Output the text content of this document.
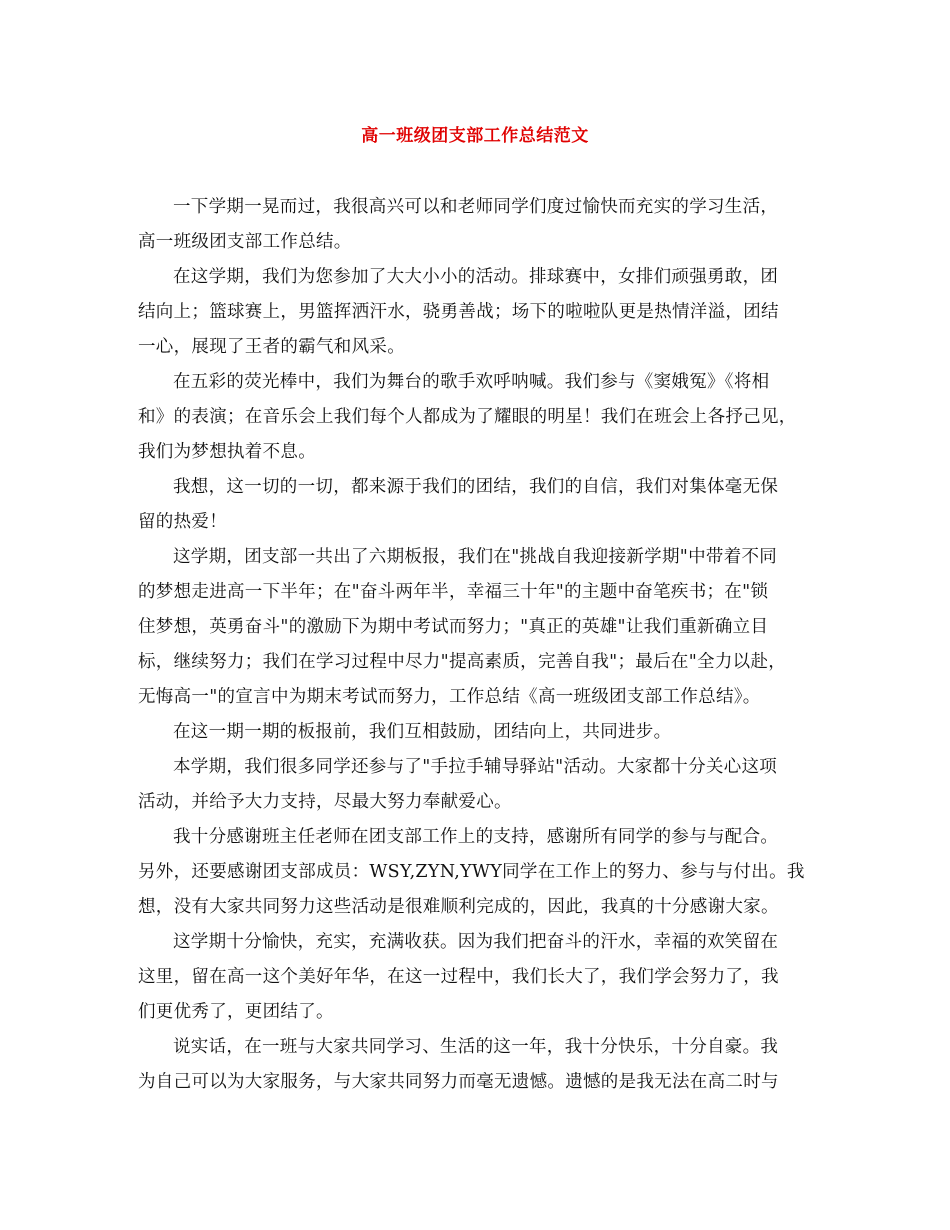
高一班级团支部工作总结范文

一下学期一晃而过，我很高兴可以和老师同学们度过愉快而充实的学习生活，
高一班级团支部工作总结。

在这学期，我们为您参加了大大小小的活动。排球赛中，女排们顽强勇敢，团
结向上；篮球赛上，男篮挥洒汗水，骁勇善战；场下的啦啦队更是热情洋溢，团结
一心，展现了王者的霸气和风采。

在五彩的荧光棒中，我们为舞台的歌手欢呼呐喊。我们参与《窦娥冤》《将相
和》的表演；在音乐会上我们每个人都成为了耀眼的明星！我们在班会上各抒己见，
我们为梦想执着不息。

我想，这一切的一切，都来源于我们的团结，我们的自信，我们对集体毫无保
留的热爱！

这学期，团支部一共出了六期板报，我们在"挑战自我迎接新学期"中带着不同
的梦想走进高一下半年；在"奋斗两年半，幸福三十年"的主题中奋笔疾书；在"锁
住梦想，英勇奋斗"的激励下为期中考试而努力；"真正的英雄"让我们重新确立目
标，继续努力；我们在学习过程中尽力"提高素质，完善自我"；最后在"全力以赴，
无悔高一"的宣言中为期末考试而努力，工作总结《高一班级团支部工作总结》。

在这一期一期的板报前，我们互相鼓励，团结向上，共同进步。

本学期，我们很多同学还参与了"手拉手辅导驿站"活动。大家都十分关心这项
活动，并给予大力支持，尽最大努力奉献爱心。

我十分感谢班主任老师在团支部工作上的支持，感谢所有同学的参与与配合。
另外，还要感谢团支部成员：WSY,ZYN,YWY同学在工作上的努力、参与与付出。我
想，没有大家共同努力这些活动是很难顺利完成的，因此，我真的十分感谢大家。

这学期十分愉快，充实，充满收获。因为我们把奋斗的汗水，幸福的欢笑留在
这里，留在高一这个美好年华，在这一过程中，我们长大了，我们学会努力了，我
们更优秀了，更团结了。

说实话，在一班与大家共同学习、生活的这一年，我十分快乐，十分自豪。我
为自己可以为大家服务，与大家共同努力而毫无遗憾。遗憾的是我无法在高二时与
